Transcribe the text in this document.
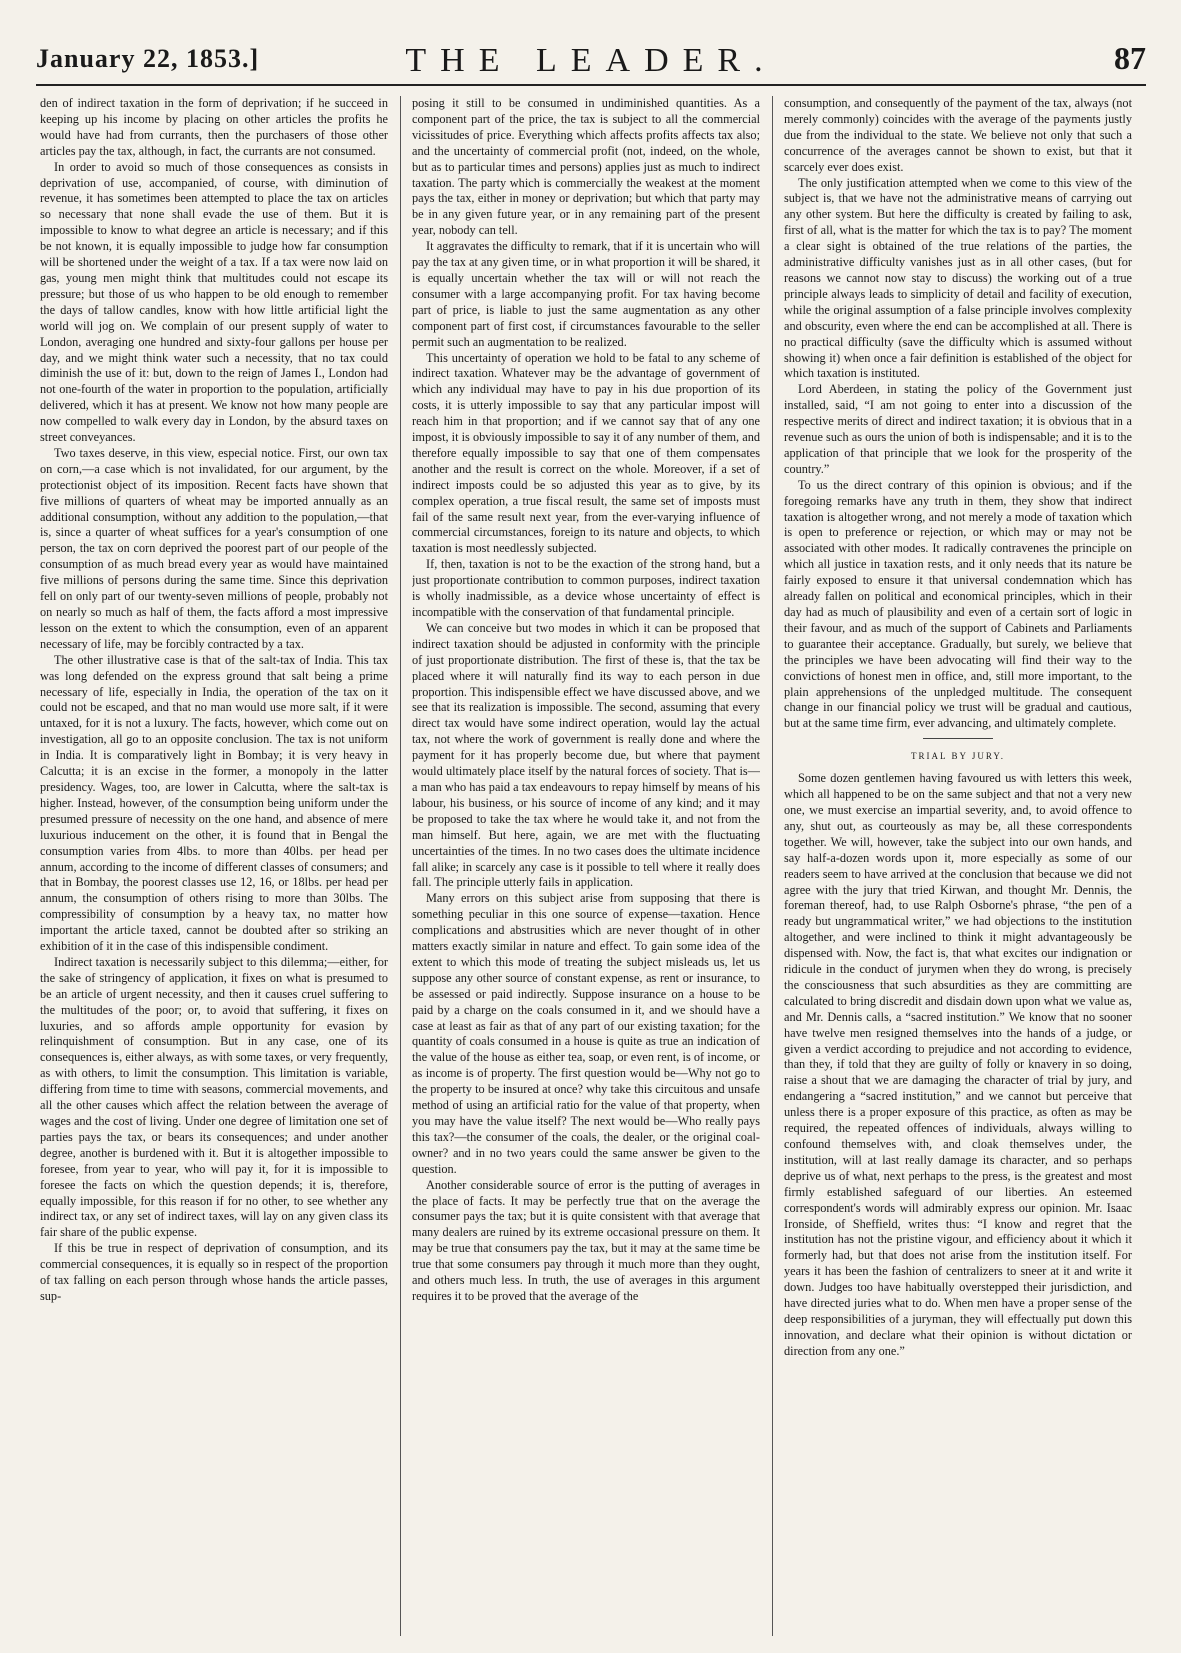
January 22, 1853.]	THE LEADER.	87

den of indirect taxation in the form of deprivation; if he succeed in keeping up his income by placing on other articles the profits he would have had from currants, then the purchasers of those other articles pay the tax, although, in fact, the currants are not consumed.

In order to avoid so much of those consequences as consists in deprivation of use, accompanied, of course, with diminution of revenue, it has sometimes been attempted to place the tax on articles so necessary that none shall evade the use of them. But it is impossible to know to what degree an article is necessary; and if this be not known, it is equally impossible to judge how far consumption will be shortened under the weight of a tax. If a tax were now laid on gas, young men might think that multitudes could not escape its pressure; but those of us who happen to be old enough to remember the days of tallow candles, know with how little artificial light the world will jog on. We complain of our present supply of water to London, averaging one hundred and sixty-four gallons per house per day, and we might think water such a necessity, that no tax could diminish the use of it: but, down to the reign of James I., London had not one-fourth of the water in proportion to the population, artificially delivered, which it has at present. We know not how many people are now compelled to walk every day in London, by the absurd taxes on street conveyances.

Two taxes deserve, in this view, especial notice. First, our own tax on corn,—a case which is not invalidated, for our argument, by the protectionist object of its imposition. Recent facts have shown that five millions of quarters of wheat may be imported annually as an additional consumption, without any addition to the population,—that is, since a quarter of wheat suffices for a year's consumption of one person, the tax on corn deprived the poorest part of our people of the consumption of as much bread every year as would have maintained five millions of persons during the same time. Since this deprivation fell on only part of our twenty-seven millions of people, probably not on nearly so much as half of them, the facts afford a most impressive lesson on the extent to which the consumption, even of an apparent necessary of life, may be forcibly contracted by a tax.

The other illustrative case is that of the salt-tax of India. This tax was long defended on the express ground that salt being a prime necessary of life, especially in India, the operation of the tax on it could not be escaped, and that no man would use more salt, if it were untaxed, for it is not a luxury. The facts, however, which come out on investigation, all go to an opposite conclusion. The tax is not uniform in India. It is comparatively light in Bombay; it is very heavy in Calcutta; it is an excise in the former, a monopoly in the latter presidency. Wages, too, are lower in Calcutta, where the salt-tax is higher. Instead, however, of the consumption being uniform under the presumed pressure of necessity on the one hand, and absence of mere luxurious inducement on the other, it is found that in Bengal the consumption varies from 4lbs. to more than 40lbs. per head per annum, according to the income of different classes of consumers; and that in Bombay, the poorest classes use 12, 16, or 18lbs. per head per annum, the consumption of others rising to more than 30lbs. The compressibility of consumption by a heavy tax, no matter how important the article taxed, cannot be doubted after so striking an exhibition of it in the case of this indispensible condiment.

Indirect taxation is necessarily subject to this dilemma;—either, for the sake of stringency of application, it fixes on what is presumed to be an article of urgent necessity, and then it causes cruel suffering to the multitudes of the poor; or, to avoid that suffering, it fixes on luxuries, and so affords ample opportunity for evasion by relinquishment of consumption. But in any case, one of its consequences is, either always, as with some taxes, or very frequently, as with others, to limit the consumption. This limitation is variable, differing from time to time with seasons, commercial movements, and all the other causes which affect the relation between the average of wages and the cost of living. Under one degree of limitation one set of parties pays the tax, or bears its consequences; and under another degree, another is burdened with it. But it is altogether impossible to foresee, from year to year, who will pay it, for it is impossible to foresee the facts on which the question depends; it is, therefore, equally impossible, for this reason if for no other, to see whether any indirect tax, or any set of indirect taxes, will lay on any given class its fair share of the public expense.

If this be true in respect of deprivation of consumption, and its commercial consequences, it is equally so in respect of the proportion of tax falling on each person through whose hands the article passes, sup-

posing it still to be consumed in undiminished quantities. As a component part of the price, the tax is subject to all the commercial vicissitudes of price. Everything which affects profits affects tax also; and the uncertainty of commercial profit (not, indeed, on the whole, but as to particular times and persons) applies just as much to indirect taxation. The party which is commercially the weakest at the moment pays the tax, either in money or deprivation; but which that party may be in any given future year, or in any remaining part of the present year, nobody can tell.

It aggravates the difficulty to remark, that if it is uncertain who will pay the tax at any given time, or in what proportion it will be shared, it is equally uncertain whether the tax will or will not reach the consumer with a large accompanying profit. For tax having become part of price, is liable to just the same augmentation as any other component part of first cost, if circumstances favourable to the seller permit such an augmentation to be realized.

This uncertainty of operation we hold to be fatal to any scheme of indirect taxation. Whatever may be the advantage of government of which any individual may have to pay in his due proportion of its costs, it is utterly impossible to say that any particular impost will reach him in that proportion; and if we cannot say that of any one impost, it is obviously impossible to say it of any number of them, and therefore equally impossible to say that one of them compensates another and the result is correct on the whole. Moreover, if a set of indirect imposts could be so adjusted this year as to give, by its complex operation, a true fiscal result, the same set of imposts must fail of the same result next year, from the ever-varying influence of commercial circumstances, foreign to its nature and objects, to which taxation is most needlessly subjected.

If, then, taxation is not to be the exaction of the strong hand, but a just proportionate contribution to common purposes, indirect taxation is wholly inadmissible, as a device whose uncertainty of effect is incompatible with the conservation of that fundamental principle.

We can conceive but two modes in which it can be proposed that indirect taxation should be adjusted in conformity with the principle of just proportionate distribution. The first of these is, that the tax be placed where it will naturally find its way to each person in due proportion. This indispensible effect we have discussed above, and we see that its realization is impossible. The second, assuming that every direct tax would have some indirect operation, would lay the actual tax, not where the work of government is really done and where the payment for it has properly become due, but where that payment would ultimately place itself by the natural forces of society. That is—a man who has paid a tax endeavours to repay himself by means of his labour, his business, or his source of income of any kind; and it may be proposed to take the tax where he would take it, and not from the man himself. But here, again, we are met with the fluctuating uncertainties of the times. In no two cases does the ultimate incidence fall alike; in scarcely any case is it possible to tell where it really does fall. The principle utterly fails in application.

Many errors on this subject arise from supposing that there is something peculiar in this one source of expense—taxation. Hence complications and abstrusities which are never thought of in other matters exactly similar in nature and effect. To gain some idea of the extent to which this mode of treating the subject misleads us, let us suppose any other source of constant expense, as rent or insurance, to be assessed or paid indirectly. Suppose insurance on a house to be paid by a charge on the coals consumed in it, and we should have a case at least as fair as that of any part of our existing taxation; for the quantity of coals consumed in a house is quite as true an indication of the value of the house as either tea, soap, or even rent, is of income, or as income is of property. The first question would be—Why not go to the property to be insured at once? why take this circuitous and unsafe method of using an artificial ratio for the value of that property, when you may have the value itself? The next would be—Who really pays this tax?—the consumer of the coals, the dealer, or the original coal-owner? and in no two years could the same answer be given to the question.

Another considerable source of error is the putting of averages in the place of facts. It may be perfectly true that on the average the consumer pays the tax; but it is quite consistent with that average that many dealers are ruined by its extreme occasional pressure on them. It may be true that consumers pay the tax, but it may at the same time be true that some consumers pay through it much more than they ought, and others much less. In truth, the use of averages in this argument requires it to be proved that the average of the

consumption, and consequently of the payment of the tax, always (not merely commonly) coincides with the average of the payments justly due from the individual to the state. We believe not only that such a concurrence of the averages cannot be shown to exist, but that it scarcely ever does exist.

The only justification attempted when we come to this view of the subject is, that we have not the administrative means of carrying out any other system. But here the difficulty is created by failing to ask, first of all, what is the matter for which the tax is to pay? The moment a clear sight is obtained of the true relations of the parties, the administrative difficulty vanishes just as in all other cases, (but for reasons we cannot now stay to discuss) the working out of a true principle always leads to simplicity of detail and facility of execution, while the original assumption of a false principle involves complexity and obscurity, even where the end can be accomplished at all. There is no practical difficulty (save the difficulty which is assumed without showing it) when once a fair definition is established of the object for which taxation is instituted.

Lord Aberdeen, in stating the policy of the Government just installed, said, “I am not going to enter into a discussion of the respective merits of direct and indirect taxation; it is obvious that in a revenue such as ours the union of both is indispensable; and it is to the application of that principle that we look for the prosperity of the country.”

To us the direct contrary of this opinion is obvious; and if the foregoing remarks have any truth in them, they show that indirect taxation is altogether wrong, and not merely a mode of taxation which is open to preference or rejection, or which may or may not be associated with other modes. It radically contravenes the principle on which all justice in taxation rests, and it only needs that its nature be fairly exposed to ensure it that universal condemnation which has already fallen on political and economical principles, which in their day had as much of plausibility and even of a certain sort of logic in their favour, and as much of the support of Cabinets and Parliaments to guarantee their acceptance. Gradually, but surely, we believe that the principles we have been advocating will find their way to the convictions of honest men in office, and, still more important, to the plain apprehensions of the unpledged multitude. The consequent change in our financial policy we trust will be gradual and cautious, but at the same time firm, ever advancing, and ultimately complete.

TRIAL BY JURY.

Some dozen gentlemen having favoured us with letters this week, which all happened to be on the same subject and that not a very new one, we must exercise an impartial severity, and, to avoid offence to any, shut out, as courteously as may be, all these correspondents together. We will, however, take the subject into our own hands, and say half-a-dozen words upon it, more especially as some of our readers seem to have arrived at the conclusion that because we did not agree with the jury that tried Kirwan, and thought Mr. Dennis, the foreman thereof, had, to use Ralph Osborne's phrase, “the pen of a ready but ungrammatical writer,” we had objections to the institution altogether, and were inclined to think it might advantageously be dispensed with. Now, the fact is, that what excites our indignation or ridicule in the conduct of jurymen when they do wrong, is precisely the consciousness that such absurdities as they are committing are calculated to bring discredit and disdain down upon what we value as, and Mr. Dennis calls, a “sacred institution.” We know that no sooner have twelve men resigned themselves into the hands of a judge, or given a verdict according to prejudice and not according to evidence, than they, if told that they are guilty of folly or knavery in so doing, raise a shout that we are damaging the character of trial by jury, and endangering a “sacred institution,” and we cannot but perceive that unless there is a proper exposure of this practice, as often as may be required, the repeated offences of individuals, always willing to confound themselves with, and cloak themselves under, the institution, will at last really damage its character, and so perhaps deprive us of what, next perhaps to the press, is the greatest and most firmly established safeguard of our liberties. An esteemed correspondent's words will admirably express our opinion. Mr. Isaac Ironside, of Sheffield, writes thus: “I know and regret that the institution has not the pristine vigour, and efficiency about it which it formerly had, but that does not arise from the institution itself. For years it has been the fashion of centralizers to sneer at it and write it down. Judges too have habitually overstepped their jurisdiction, and have directed juries what to do. When men have a proper sense of the deep responsibilities of a juryman, they will effectually put down this innovation, and declare what their opinion is without dictation or direction from any one.”
